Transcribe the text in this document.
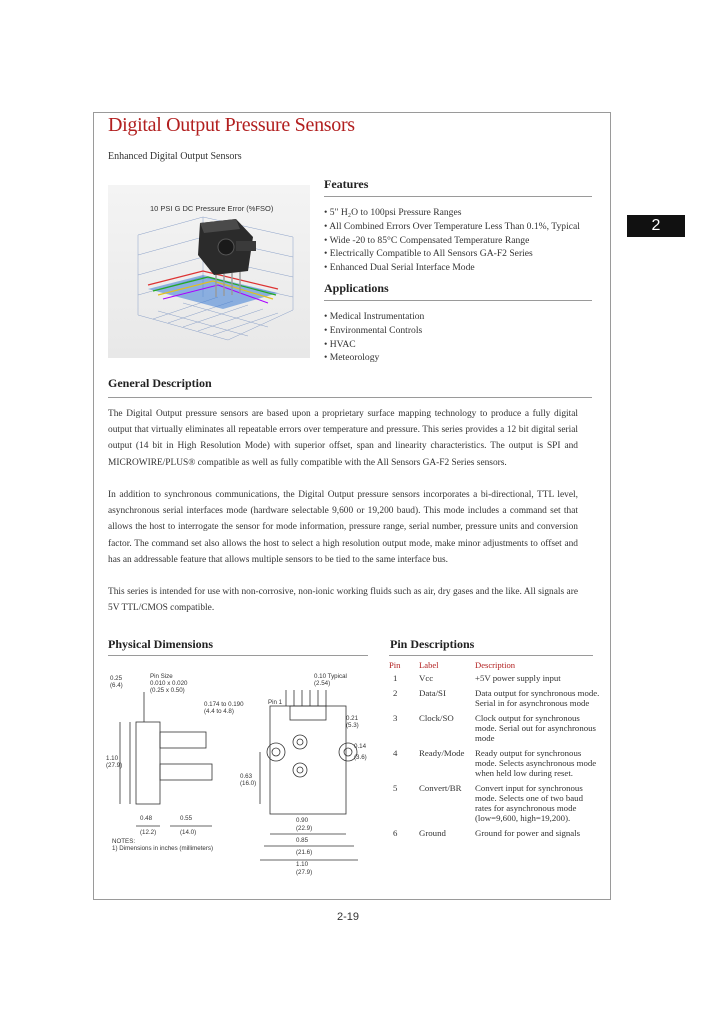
Digital Output Pressure Sensors
Enhanced Digital Output Sensors
2
10 PSI G DC Pressure Error (%FSO)
Features
• 5" H₂O to 100psi Pressure Ranges
• All Combined Errors Over Temperature Less Than 0.1%, Typical
• Wide -20 to 85°C Compensated Temperature Range
• Electrically Compatible to All Sensors GA-F2 Series
• Enhanced Dual Serial Interface Mode
Applications
• Medical Instrumentation
• Environmental Controls
• HVAC
• Meteorology
General Description

The Digital Output pressure sensors are based upon a proprietary surface mapping technology to produce a fully digital output that virtually eliminates all repeatable errors over temperature and pressure. This series provides a 12 bit digital serial output (14 bit in High Resolution Mode) with superior offset, span and linearity characteristics. The output is SPI and MICROWIRE/PLUS® compatible as well as fully compatible with the All Sensors GA-F2 Series sensors.

In addition to synchronous communications, the Digital Output pressure sensors incorporates a bi-directional, TTL level, asynchronous serial interfaces mode (hardware selectable 9,600 or 19,200 baud). This mode includes a command set that allows the host to interrogate the sensor for mode information, pressure range, serial number, pressure units and conversion factor. The command set also allows the host to select a high resolution output mode, make minor adjustments to offset and has an addressable feature that allows multiple sensors to be tied to the same interface bus.

This series is intended for use with non-corrosive, non-ionic working fluids such as air, dry gases and the like. All signals are 5V TTL/CMOS compatible.

Physical Dimensions
0.25
(6.4)
Pin Size
0.010 x 0.020
(0.25 x 0.50)
0.174 to 0.190
(4.4 to 4.8)
1.10
(27.9)
0.48
(12.2)
0.55
(14.0)
0.10 Typical
(2.54)
Pin 1
0.21
(5.3)
0.14
(3.6)
0.63
(16.0)
0.90
(22.9)
0.85
(21.6)
1.10
(27.9)
NOTES:
1) Dimensions in inches (millimeters)
Pin Descriptions
Pin	Label	Description
1	Vcc	+5V power supply input
2	Data/SI	Data output for synchronous mode. Serial in for asynchronous mode
3	Clock/SO	Clock output for synchronous mode. Serial out for asynchronous mode
4	Ready/Mode	Ready output for synchronous mode. Selects asynchronous mode when held low during reset.
5	Convert/BR	Convert input for synchronous mode. Selects one of two baud rates for asynchronous mode (low=9,600, high=19,200).
6	Ground	Ground for power and signals
2-19
